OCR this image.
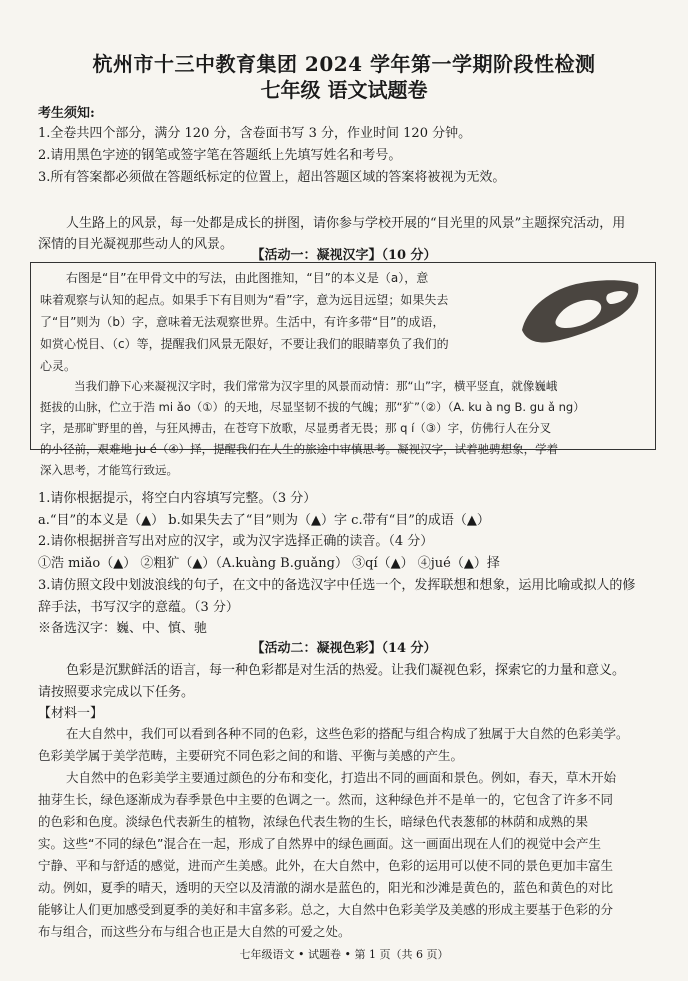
杭州市十三中教育集团 2024 学年第一学期阶段性检测
七年级 语文试题卷
考生须知:
1.全卷共四个部分，满分 120 分，含卷面书写 3 分，作业时间 120 分钟。
2.请用黑色字迹的钢笔或签字笔在答题纸上先填写姓名和考号。
3.所有答案都必须做在答题纸标定的位置上，超出答题区域的答案将被视为无效。
人生路上的风景，每一处都是成长的拼图，请你参与学校开展的“目光里的风景”主题探究活动，用
深情的目光凝视那些动人的风景。
【活动一：凝视汉字】（10 分）
右图是“目”在甲骨文中的写法，由此图推知，“目”的本义是（a），意
味着观察与认知的起点。如果手下有目则为“看”字，意为远目远望；如果失去
了“目”则为（b）字，意味着无法观察世界。生活中，有许多带“目”的成语，
如赏心悦目、（c）等，提醒我们风景无限好，不要让我们的眼睛辜负了我们的
心灵。
当我们静下心来凝视汉字时，我们常常为汉字里的风景而动情：那“山”字，横平竖直，就像巍峨
挺拔的山脉，伫立于浩 mi ǎo（①）的天地，尽显坚韧不拔的气魄；那“犷”（②）（A. ku à ng B. gu ǎ ng）
字，是那旷野里的兽，与狂风搏击，在苍穹下放歌，尽显勇者无畏；那 q í（③）字，仿佛行人在分叉
的小径前，艰难地 ju é（④）择，提醒我们在人生的旅途中审慎思考。凝视汉字，试着驰骋想象，学着
深入思考，才能笃行致远。
1.请你根据提示，将空白内容填写完整。（3 分）
a.“目”的本义是（▲） b.如果失去了“目”则为（▲）字 c.带有“目”的成语（▲）
2.请你根据拼音写出对应的汉字，或为汉字选择正确的读音。（4 分）
①浩 miǎo（▲） ②粗犷（▲）（A.kuàng B.guǎng） ③qí（▲） ④jué（▲）择
3.请仿照文段中划波浪线的句子，在文中的备选汉字中任选一个，发挥联想和想象，运用比喻或拟人的修
辞手法，书写汉字的意蕴。（3 分）
※备选汉字：巍、中、慎、驰
【活动二：凝视色彩】（14 分）
色彩是沉默鲜活的语言，每一种色彩都是对生活的热爱。让我们凝视色彩，探索它的力量和意义。
请按照要求完成以下任务。
【材料一】
在大自然中，我们可以看到各种不同的色彩，这些色彩的搭配与组合构成了独属于大自然的色彩美学。
色彩美学属于美学范畴，主要研究不同色彩之间的和谐、平衡与美感的产生。
大自然中的色彩美学主要通过颜色的分布和变化，打造出不同的画面和景色。例如，春天，草木开始
抽芽生长，绿色逐渐成为春季景色中主要的色调之一。然而，这种绿色并不是单一的，它包含了许多不同
的色彩和色度。淡绿色代表新生的植物，浓绿色代表生物的生长，暗绿色代表葱郁的林荫和成熟的果
实。这些“不同的绿色”混合在一起，形成了自然界中的绿色画面。这一画面出现在人们的视觉中会产生
宁静、平和与舒适的感觉，进而产生美感。此外，在大自然中，色彩的运用可以使不同的景色更加丰富生
动。例如，夏季的晴天，透明的天空以及清澈的湖水是蓝色的，阳光和沙滩是黄色的，蓝色和黄色的对比
能够让人们更加感受到夏季的美好和丰富多彩。总之，大自然中色彩美学及美感的形成主要基于色彩的分
布与组合，而这些分布与组合也正是大自然的可爱之处。
七年级语文 • 试题卷 • 第 1 页（共 6 页）
